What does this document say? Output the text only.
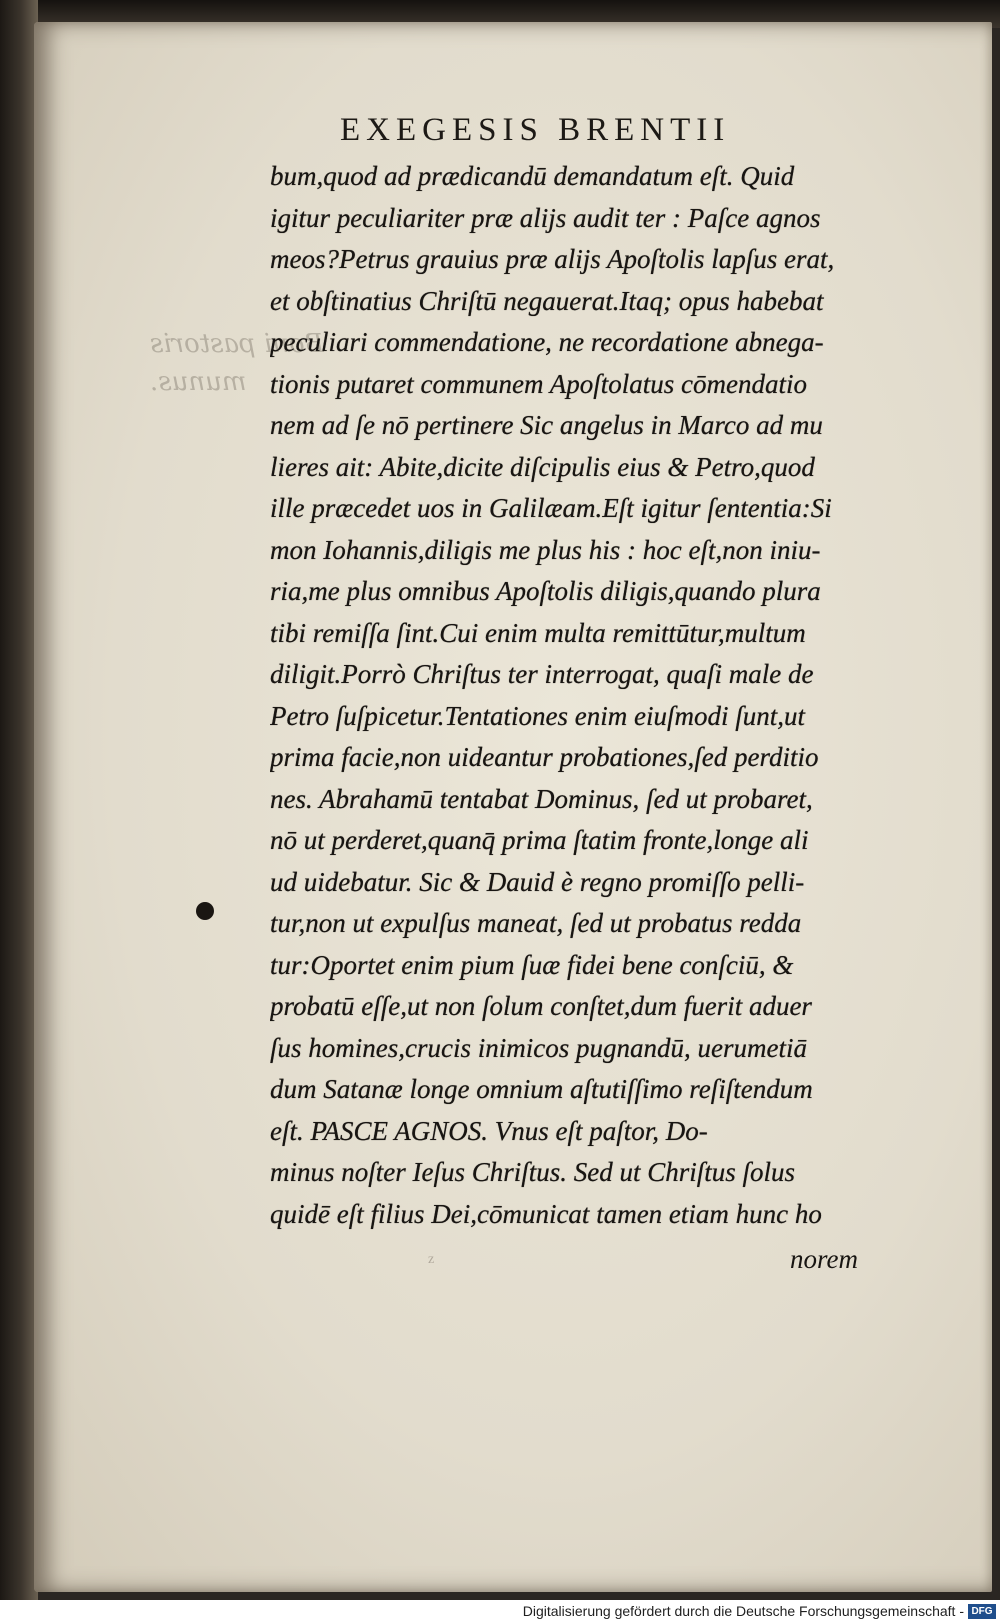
EXEGESIS BRENTII
Boni pastoris
munus.
bum,quod ad prædicandū demandatum eſt. Quid
igitur peculiariter præ alijs audit ter : Paſce agnos
meos?Petrus grauius præ alijs Apoſtolis lapſus erat,
et obſtinatius Chriſtū negauerat.Itaq; opus habebat
peculiari commendatione, ne recordatione abnega-
tionis putaret communem Apoſtolatus cōmendatio
nem ad ſe nō pertinere Sic angelus in Marco ad mu
lieres ait: Abite,dicite diſcipulis eius & Petro,quod
ille præcedet uos in Galilæam.Eſt igitur ſententia:Si
mon Iohannis,diligis me plus his : hoc eſt,non iniu-
ria,me plus omnibus Apoſtolis diligis,quando plura
tibi remiſſa ſint.Cui enim multa remittūtur,multum
diligit.Porrò Chriſtus ter interrogat, quaſi male de
Petro ſuſpicetur.Tentationes enim eiuſmodi ſunt,ut
prima facie,non uideantur probationes,ſed perditio
nes. Abrahamū tentabat Dominus, ſed ut probaret,
nō ut perderet,quanq̄ prima ſtatim fronte,longe ali
ud uidebatur. Sic & Dauid è regno promiſſo pelli-
tur,non ut expulſus maneat, ſed ut probatus redda
tur:Oportet enim pium ſuæ fidei bene conſciū, &
probatū eſſe,ut non ſolum conſtet,dum fuerit aduer
ſus homines,crucis inimicos pugnandū, uerumetiā
dum Satanæ longe omnium aſtutiſſimo reſiſtendum
eſt. PASCE AGNOS. Vnus eſt paſtor, Do-
minus noſter Ieſus Chriſtus. Sed ut Chriſtus ſolus
quidē eſt filius Dei,cōmunicat tamen etiam hunc ho
norem
z
Digitalisierung gefördert durch die Deutsche Forschungsgemeinschaft - DFG
